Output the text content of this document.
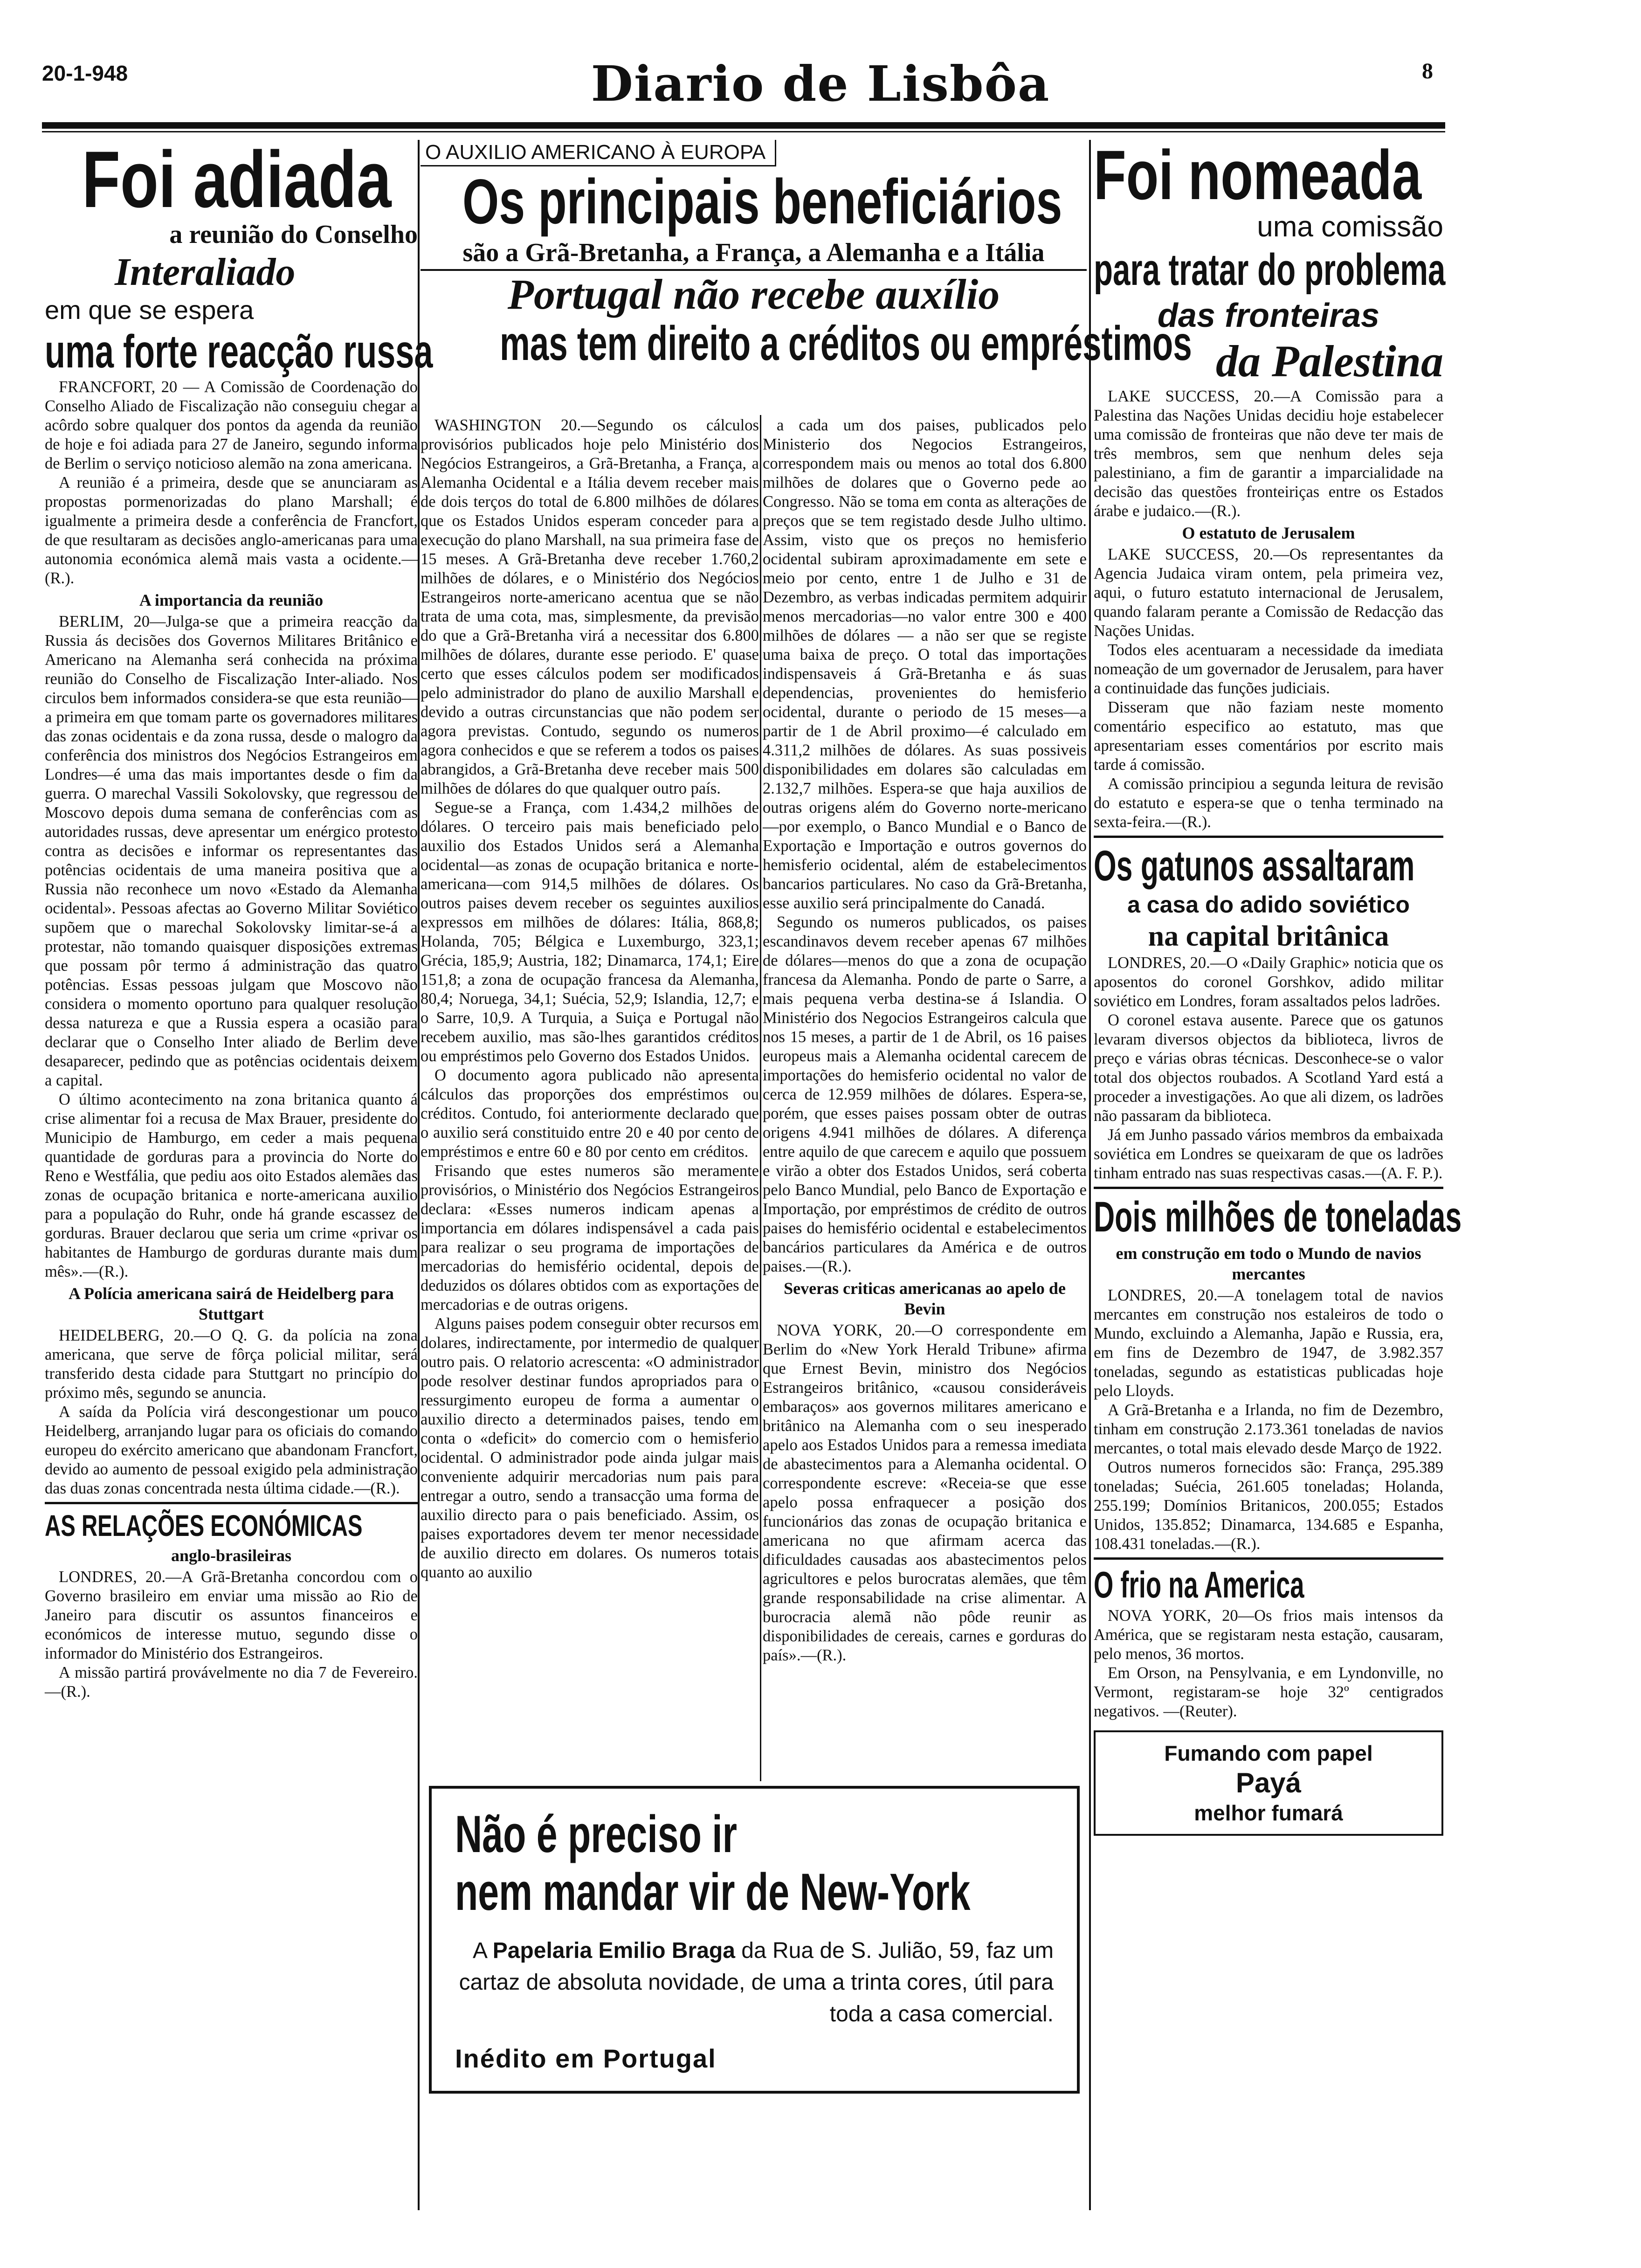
20-1-948	Diario de Lisbôa	8
Foi adiada
a reunião do Conselho
Interaliado
em que se espera
uma forte reacção russa

FRANCFORT, 20 — A Comissão de Coordenação do Conselho Aliado de Fiscalização não conseguiu chegar a acôrdo sobre qualquer dos pontos da agenda da reunião de hoje e foi adiada para 27 de Janeiro, segundo informa de Berlim o serviço noticioso alemão na zona americana.

A reunião é a primeira, desde que se anunciaram as propostas pormenorizadas do plano Marshall; é igualmente a primeira desde a conferência de Francfort, de que resultaram as decisões anglo-americanas para uma autonomia económica alemã mais vasta a ocidente.—(R.).

A importancia da reunião

BERLIM, 20—Julga-se que a primeira reacção da Russia ás decisões dos Governos Militares Britânico e Americano na Alemanha será conhecida na próxima reunião do Conselho de Fiscalização Inter-aliado. Nos circulos bem informados considera-se que esta reunião—a primeira em que tomam parte os governadores militares das zonas ocidentais e da zona russa, desde o malogro da conferência dos ministros dos Negócios Estrangeiros em Londres—é uma das mais importantes desde o fim da guerra. O marechal Vassili Sokolovsky, que regressou de Moscovo depois duma semana de conferências com as autoridades russas, deve apresentar um enérgico protesto contra as decisões e informar os representantes das potências ocidentais de uma maneira positiva que a Russia não reconhece um novo «Estado da Alemanha ocidental». Pessoas afectas ao Governo Militar Soviético supõem que o marechal Sokolovsky limitar-se-á a protestar, não tomando quaisquer disposições extremas que possam pôr termo á administração das quatro potências. Essas pessoas julgam que Moscovo não considera o momento oportuno para qualquer resolução dessa natureza e que a Russia espera a ocasião para declarar que o Conselho Inter aliado de Berlim deve desaparecer, pedindo que as potências ocidentais deixem a capital.

O último acontecimento na zona britanica quanto á crise alimentar foi a recusa de Max Brauer, presidente do Municipio de Hamburgo, em ceder a mais pequena quantidade de gorduras para a provincia do Norte do Reno e Westfália, que pediu aos oito Estados alemães das zonas de ocupação britanica e norte-americana auxilio para a população do Ruhr, onde há grande escassez de gorduras. Brauer declarou que seria um crime «privar os habitantes de Hamburgo de gorduras durante mais dum mês».—(R.).

A Polícia americana sairá de Heidelberg para Stuttgart

HEIDELBERG, 20.—O Q. G. da polícia na zona americana, que serve de fôrça policial militar, será transferido desta cidade para Stuttgart no princípio do próximo mês, segundo se anuncia.

A saída da Polícia virá descongestionar um pouco Heidelberg, arranjando lugar para os oficiais do comando europeu do exército americano que abandonam Francfort, devido ao aumento de pessoal exigido pela administração das duas zonas concentrada nesta última cidade.—(R.).

AS RELAÇÕES ECONÓMICAS
anglo-brasileiras

LONDRES, 20.—A Grã-Bretanha concordou com o Governo brasileiro em enviar uma missão ao Rio de Janeiro para discutir os assuntos financeiros e económicos de interesse mutuo, segundo disse o informador do Ministério dos Estrangeiros.

A missão partirá provávelmente no dia 7 de Fevereiro.—(R.).

O AUXILIO AMERICANO À EUROPA Os principais beneficiários
são a Grã-Bretanha, a França, a Alemanha e a Itália
Portugal não recebe auxílio
mas tem direito a créditos ou empréstimos

WASHINGTON 20.—Segundo os cálculos provisórios publicados hoje pelo Ministério dos Negócios Estrangeiros, a Grã-Bretanha, a França, a Alemanha Ocidental e a Itália devem receber mais de dois terços do total de 6.800 milhões de dólares que os Estados Unidos esperam conceder para a execução do plano Marshall, na sua primeira fase de 15 meses. A Grã-Bretanha deve receber 1.760,2 milhões de dólares, e o Ministério dos Negócios Estrangeiros norte-americano acentua que se não trata de uma cota, mas, simplesmente, da previsão do que a Grã-Bretanha virá a necessitar dos 6.800 milhões de dólares, durante esse periodo. E' quase certo que esses cálculos podem ser modificados pelo administrador do plano de auxilio Marshall e devido a outras circunstancias que não podem ser agora previstas. Contudo, segundo os numeros agora conhecidos e que se referem a todos os paises abrangidos, a Grã-Bretanha deve receber mais 500 milhões de dólares do que qualquer outro país.

Segue-se a França, com 1.434,2 milhões de dólares. O terceiro pais mais beneficiado pelo auxilio dos Estados Unidos será a Alemanha ocidental—as zonas de ocupação britanica e norte-americana—com 914,5 milhões de dólares. Os outros paises devem receber os seguintes auxilios expressos em milhões de dólares: Itália, 868,8; Holanda, 705; Bélgica e Luxemburgo, 323,1; Grécia, 185,9; Austria, 182; Dinamarca, 174,1; Eire 151,8; a zona de ocupação francesa da Alemanha, 80,4; Noruega, 34,1; Suécia, 52,9; Islandia, 12,7; e o Sarre, 10,9. A Turquia, a Suiça e Portugal não recebem auxilio, mas são-lhes garantidos créditos ou empréstimos pelo Governo dos Estados Unidos.

O documento agora publicado não apresenta cálculos das proporções dos empréstimos ou créditos. Contudo, foi anteriormente declarado que o auxilio será constituido entre 20 e 40 por cento de empréstimos e entre 60 e 80 por cento em créditos.

Frisando que estes numeros são meramente provisórios, o Ministério dos Negócios Estrangeiros declara: «Esses numeros indicam apenas a importancia em dólares indispensável a cada pais para realizar o seu programa de importações de mercadorias do hemisfério ocidental, depois de deduzidos os dólares obtidos com as exportações de mercadorias e de outras origens.

Alguns paises podem conseguir obter recursos em dolares, indirectamente, por intermedio de qualquer outro pais. O relatorio acrescenta: «O administrador pode resolver destinar fundos apropriados para o ressurgimento europeu de forma a aumentar o auxilio directo a determinados paises, tendo em conta o «deficit» do comercio com o hemisferio ocidental. O administrador pode ainda julgar mais conveniente adquirir mercadorias num pais para entregar a outro, sendo a transacção uma forma de auxilio directo para o pais beneficiado. Assim, os paises exportadores devem ter menor necessidade de auxilio directo em dolares. Os numeros totais quanto ao auxilio

a cada um dos paises, publicados pelo Ministerio dos Negocios Estrangeiros, correspondem mais ou menos ao total dos 6.800 milhões de dolares que o Governo pede ao Congresso. Não se toma em conta as alterações de preços que se tem registado desde Julho ultimo. Assim, visto que os preços no hemisferio ocidental subiram aproximadamente em sete e meio por cento, entre 1 de Julho e 31 de Dezembro, as verbas indicadas permitem adquirir menos mercadorias—no valor entre 300 e 400 milhões de dólares — a não ser que se registe uma baixa de preço. O total das importações indispensaveis á Grã-Bretanha e ás suas dependencias, provenientes do hemisferio ocidental, durante o periodo de 15 meses—a partir de 1 de Abril proximo—é calculado em 4.311,2 milhões de dólares. As suas possiveis disponibilidades em dolares são calculadas em 2.132,7 milhões. Espera-se que haja auxilios de outras origens além do Governo norte-mericano—por exemplo, o Banco Mundial e o Banco de Exportação e Importação e outros governos do hemisferio ocidental, além de estabelecimentos bancarios particulares. No caso da Grã-Bretanha, esse auxilio será principalmente do Canadá.

Segundo os numeros publicados, os paises escandinavos devem receber apenas 67 milhões de dólares—menos do que a zona de ocupação francesa da Alemanha. Pondo de parte o Sarre, a mais pequena verba destina-se á Islandia. O Ministério dos Negocios Estrangeiros calcula que nos 15 meses, a partir de 1 de Abril, os 16 paises europeus mais a Alemanha ocidental carecem de importações do hemisferio ocidental no valor de cerca de 12.959 milhões de dólares. Espera-se, porém, que esses paises possam obter de outras origens 4.941 milhões de dólares. A diferença entre aquilo de que carecem e aquilo que possuem e virão a obter dos Estados Unidos, será coberta pelo Banco Mundial, pelo Banco de Exportação e Importação, por empréstimos de crédito de outros paises do hemisfério ocidental e estabelecimentos bancários particulares da América e de outros paises.—(R.).

Severas criticas americanas ao apelo de Bevin

NOVA YORK, 20.—O correspondente em Berlim do «New York Herald Tribune» afirma que Ernest Bevin, ministro dos Negócios Estrangeiros britânico, «causou consideráveis embaraços» aos governos militares americano e britânico na Alemanha com o seu inesperado apelo aos Estados Unidos para a remessa imediata de abastecimentos para a Alemanha ocidental. O correspondente escreve: «Receia-se que esse apelo possa enfraquecer a posição dos funcionários das zonas de ocupação britanica e americana no que afirmam acerca das dificuldades causadas aos abastecimentos pelos agricultores e pelos burocratas alemães, que têm grande responsabilidade na crise alimentar. A burocracia alemã não pôde reunir as disponibilidades de cereais, carnes e gorduras do país».—(R.).

Não é preciso ir nem mandar vir de New-York
A Papelaria Emilio Braga da Rua de S. Julião, 59, faz um cartaz de absoluta novidade, de uma a trinta cores, útil para toda a casa comercial.
Inédito em Portugal
Foi nomeada
uma comissão
para tratar do problema
das fronteiras
da Palestina

LAKE SUCCESS, 20.—A Comissão para a Palestina das Nações Unidas decidiu hoje estabelecer uma comissão de fronteiras que não deve ter mais de três membros, sem que nenhum deles seja palestiniano, a fim de garantir a imparcialidade na decisão das questões fronteiriças entre os Estados árabe e judaico.—(R.).

O estatuto de Jerusalem

LAKE SUCCESS, 20.—Os representantes da Agencia Judaica viram ontem, pela primeira vez, aqui, o futuro estatuto internacional de Jerusalem, quando falaram perante a Comissão de Redacção das Nações Unidas.

Todos eles acentuaram a necessidade da imediata nomeação de um governador de Jerusalem, para haver a continuidade das funções judiciais.

Disseram que não faziam neste momento comentário especifico ao estatuto, mas que apresentariam esses comentários por escrito mais tarde á comissão.

A comissão principiou a segunda leitura de revisão do estatuto e espera-se que o tenha terminado na sexta-feira.—(R.).

Os gatunos assaltaram
a casa do adido soviético
na capital britânica

LONDRES, 20.—O «Daily Graphic» noticia que os aposentos do coronel Gorshkov, adido militar soviético em Londres, foram assaltados pelos ladrões.

O coronel estava ausente. Parece que os gatunos levaram diversos objectos da biblioteca, livros de preço e várias obras técnicas. Desconhece-se o valor total dos objectos roubados. A Scotland Yard está a proceder a investigações. Ao que ali dizem, os ladrões não passaram da biblioteca.

Já em Junho passado vários membros da embaixada soviética em Londres se queixaram de que os ladrões tinham entrado nas suas respectivas casas.—(A. F. P.).

Dois milhões de toneladas
em construção em todo o Mundo de navios mercantes

LONDRES, 20.—A tonelagem total de navios mercantes em construção nos estaleiros de todo o Mundo, excluindo a Alemanha, Japão e Russia, era, em fins de Dezembro de 1947, de 3.982.357 toneladas, segundo as estatisticas publicadas hoje pelo Lloyds.

A Grã-Bretanha e a Irlanda, no fim de Dezembro, tinham em construção 2.173.361 toneladas de navios mercantes, o total mais elevado desde Março de 1922.

Outros numeros fornecidos são: França, 295.389 toneladas; Suécia, 261.605 toneladas; Holanda, 255.199; Domínios Britanicos, 200.055; Estados Unidos, 135.852; Dinamarca, 134.685 e Espanha, 108.431 toneladas.—(R.).

O frio na America

NOVA YORK, 20—Os frios mais intensos da América, que se registaram nesta estação, causaram, pelo menos, 36 mortos.

Em Orson, na Pensylvania, e em Lyndonville, no Vermont, registaram-se hoje 32º centigrados negativos. —(Reuter).

Fumando com papel
Payá
melhor fumará
